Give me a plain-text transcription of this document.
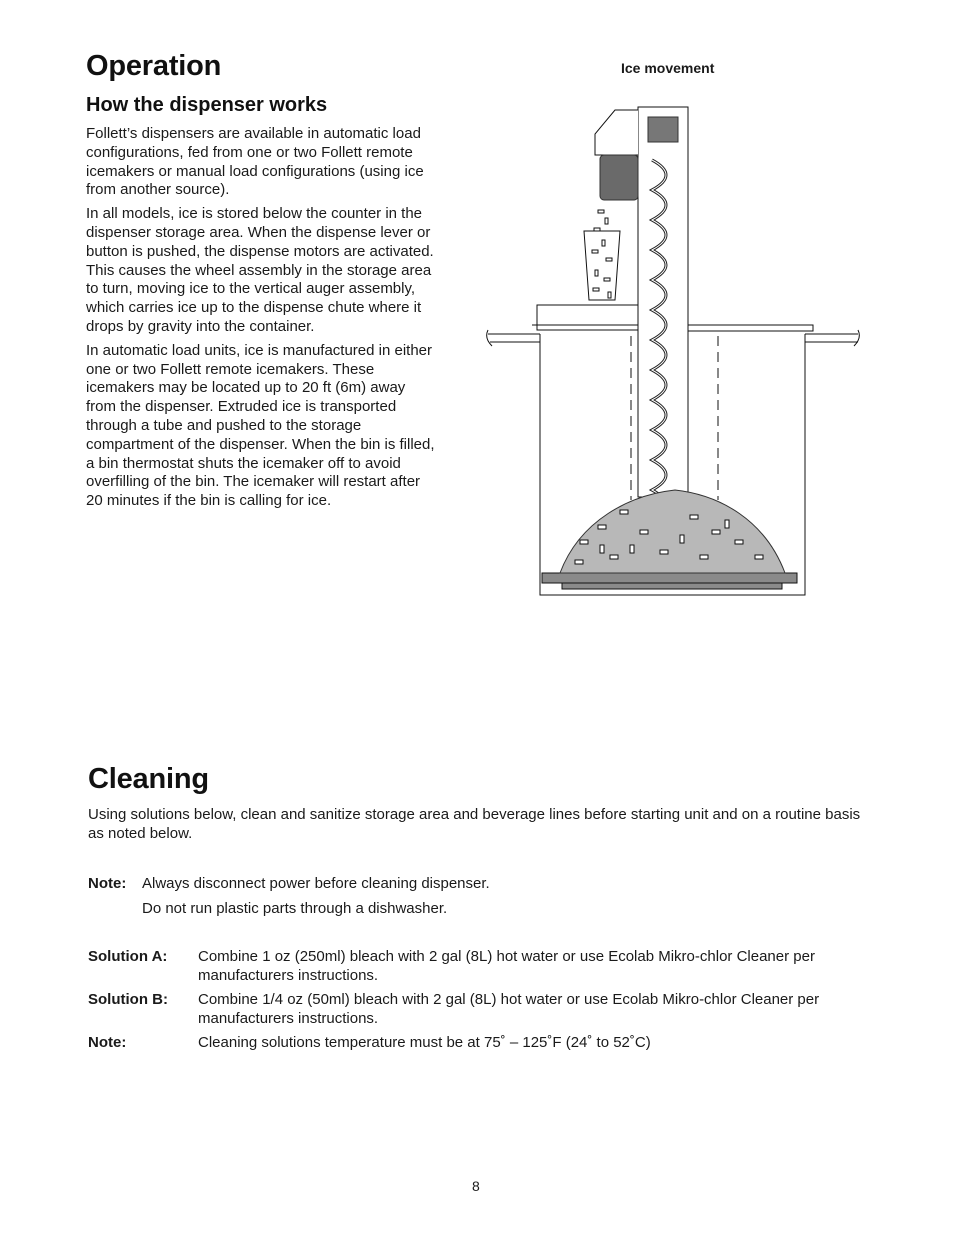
Operation
How the dispenser works

Follett’s dispensers are available in automatic load configurations, fed from one or two Follett remote icemakers or manual load configurations (using ice from another source).

In all models, ice is stored below the counter in the dispenser storage area. When the dispense lever or button is pushed, the dispense motors are activated. This causes the wheel assembly in the storage area to turn, moving ice to the vertical auger assembly, which carries ice up to the dispense chute where it drops by gravity into the container.

In automatic load units, ice is manufactured in either one or two Follett remote icemakers. These icemakers may be located up to 20 ft (6m) away from the dispenser. Extruded ice is transported through a tube and pushed to the storage compartment of the dispenser. When the bin is filled, a bin thermostat shuts the icemaker off to avoid overfilling of the bin. The icemaker will restart after 20 minutes if the bin is calling for ice.

Ice movement
Cleaning

Using solutions below, clean and sanitize storage area and beverage lines before starting unit and on a routine basis as noted below.

Note:	Always disconnect power before cleaning dispenser.
Do not run plastic parts through a dishwasher.
Solution A:	Combine 1 oz (250ml) bleach with 2 gal (8L) hot water or use Ecolab Mikro-chlor Cleaner per manufacturers instructions.
Solution B:	Combine 1/4 oz (50ml) bleach with 2 gal (8L) hot water or use Ecolab Mikro-chlor Cleaner per manufacturers instructions.
Note:	Cleaning solutions temperature must be at 75˚ – 125˚F (24˚ to 52˚C)
8
